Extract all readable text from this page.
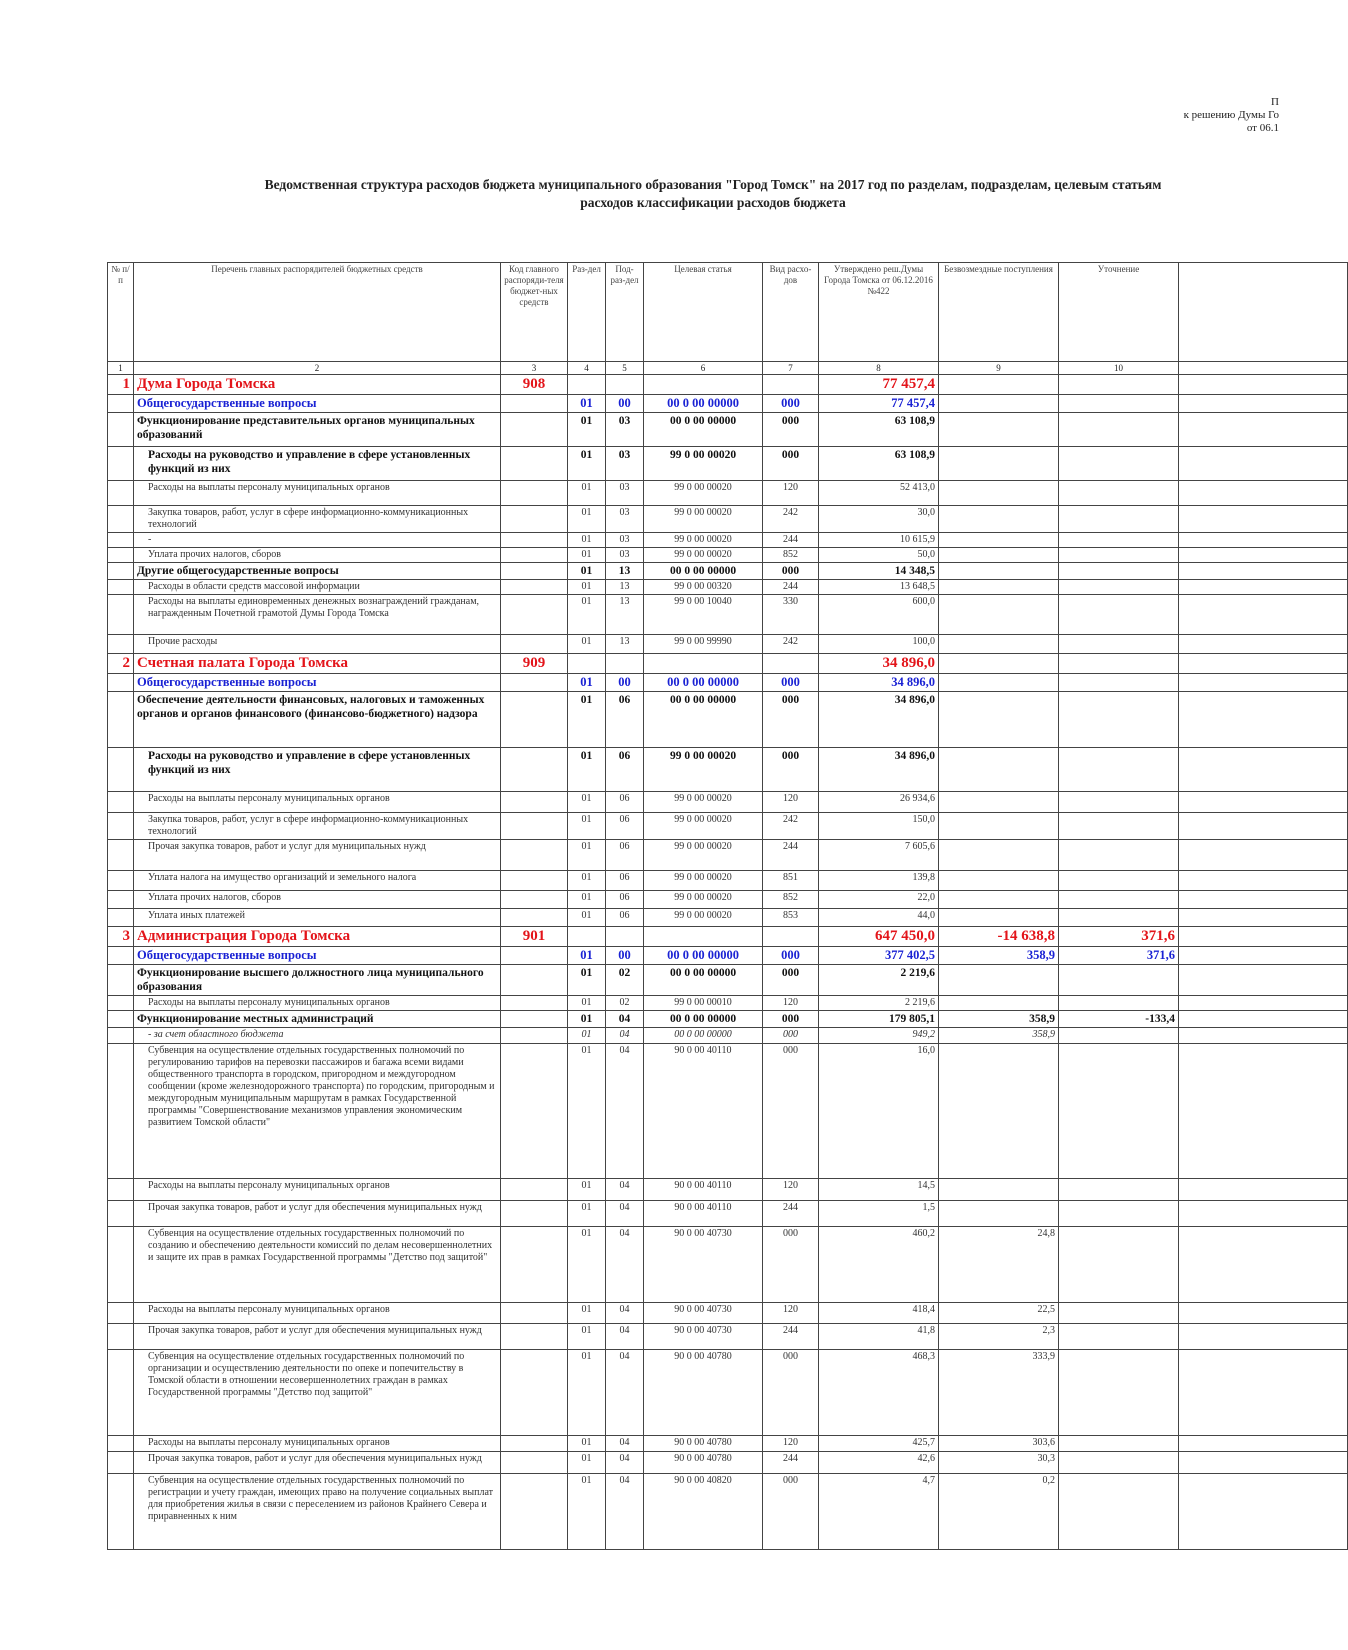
П
к решению Думы Го
от 06.1
Ведомственная структура расходов бюджета муниципального образования "Город Томск" на 2017 год по разделам, подразделам, целевым статьям
расходов классификации расходов бюджета
№ п/п	Перечень главных распорядителей бюджетных средств	Код главного распоряди-теля бюджет-ных средств	Раз-дел	Под-раз-дел	Целевая статья	Вид расхо-дов	Утверждено реш.Думы Города Томска от 06.12.2016 №422	Безвозмездные поступления	Уточнение	
1	2	3	4	5	6	7	8	9	10	
1	Дума Города Томска	908					77 457,4			
	Общегосударственные вопросы		01	00	00 0 00 00000	000	77 457,4			
	Функционирование представительных органов муниципальных образований		01	03	00 0 00 00000	000	63 108,9			
	Расходы на руководство и управление в сфере установленных функций из них		01	03	99 0 00 00020	000	63 108,9			
	Расходы на выплаты персоналу муниципальных органов		01	03	99 0 00 00020	120	52 413,0			
	Закупка товаров, работ, услуг в сфере информационно-коммуникационных технологий		01	03	99 0 00 00020	242	30,0			
	-		01	03	99 0 00 00020	244	10 615,9			
	Уплата прочих налогов, сборов		01	03	99 0 00 00020	852	50,0			
	Другие общегосударственные вопросы		01	13	00 0 00 00000	000	14 348,5			
	Расходы в области средств массовой информации		01	13	99 0 00 00320	244	13 648,5			
	Расходы на выплаты единовременных денежных вознаграждений гражданам, награжденным Почетной грамотой Думы Города Томска		01	13	99 0 00 10040	330	600,0			
	Прочие расходы		01	13	99 0 00 99990	242	100,0			
2	Счетная палата Города Томска	909					34 896,0			
	Общегосударственные вопросы		01	00	00 0 00 00000	000	34 896,0			
	Обеспечение деятельности финансовых, налоговых и таможенных органов и органов финансового (финансово-бюджетного) надзора		01	06	00 0 00 00000	000	34 896,0			
	Расходы на руководство и управление в сфере установленных функций из них		01	06	99 0 00 00020	000	34 896,0			
	Расходы на выплаты персоналу муниципальных органов		01	06	99 0 00 00020	120	26 934,6			
	Закупка товаров, работ, услуг в сфере информационно-коммуникационных технологий		01	06	99 0 00 00020	242	150,0			
	Прочая закупка товаров, работ и услуг для муниципальных нужд		01	06	99 0 00 00020	244	7 605,6			
	Уплата налога на имущество организаций и земельного налога		01	06	99 0 00 00020	851	139,8			
	Уплата прочих налогов, сборов		01	06	99 0 00 00020	852	22,0			
	Уплата иных платежей		01	06	99 0 00 00020	853	44,0			
3	Администрация Города Томска	901					647 450,0	-14 638,8	371,6	
	Общегосударственные вопросы		01	00	00 0 00 00000	000	377 402,5	358,9	371,6	
	Функционирование высшего должностного лица муниципального образования		01	02	00 0 00 00000	000	2 219,6			
	Расходы на выплаты персоналу муниципальных органов		01	02	99 0 00 00010	120	2 219,6			
	Функционирование местных администраций		01	04	00 0 00 00000	000	179 805,1	358,9	-133,4	
	- за счет областного бюджета		01	04	00 0 00 00000	000	949,2	358,9		
	Субвенция на осуществление отдельных государственных полномочий по регулированию тарифов на перевозки пассажиров и багажа всеми видами общественного транспорта в городском, пригородном и междугородном сообщении (кроме железнодорожного транспорта) по городским, пригородным и междугородным муниципальным маршрутам в рамках Государственной программы "Совершенствование механизмов управления экономическим развитием Томской области"		01	04	90 0 00 40110	000	16,0			
	Расходы на выплаты персоналу муниципальных органов		01	04	90 0 00 40110	120	14,5			
	Прочая закупка товаров, работ и услуг для обеспечения муниципальных нужд		01	04	90 0 00 40110	244	1,5			
	Субвенция на осуществление отдельных государственных полномочий по созданию и обеспечению деятельности комиссий по делам несовершеннолетних и защите их прав в рамках Государственной программы "Детство под защитой"		01	04	90 0 00 40730	000	460,2	24,8		
	Расходы на выплаты персоналу муниципальных органов		01	04	90 0 00 40730	120	418,4	22,5		
	Прочая закупка товаров, работ и услуг для обеспечения муниципальных нужд		01	04	90 0 00 40730	244	41,8	2,3		
	Субвенция на осуществление отдельных государственных полномочий по организации и осуществлению деятельности по опеке и попечительству в Томской области в отношении несовершеннолетних граждан в рамках Государственной программы "Детство под защитой"		01	04	90 0 00 40780	000	468,3	333,9		
	Расходы на выплаты персоналу муниципальных органов		01	04	90 0 00 40780	120	425,7	303,6		
	Прочая закупка товаров, работ и услуг для обеспечения муниципальных нужд		01	04	90 0 00 40780	244	42,6	30,3		
	Субвенция на осуществление отдельных государственных полномочий по регистрации и учету граждан, имеющих право на получение социальных выплат для приобретения жилья в связи с переселением из районов Крайнего Севера и приравненных к ним		01	04	90 0 00 40820	000	4,7	0,2		
